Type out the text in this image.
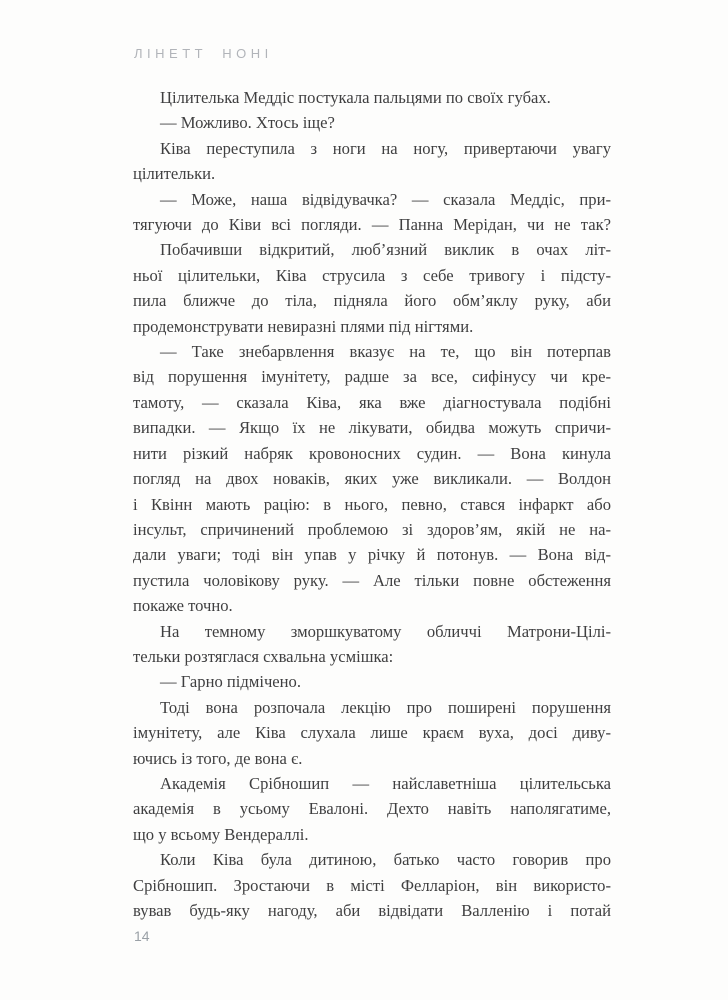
ЛІНЕТТ НОНІ
Цілителька Меддіс постукала пальцями по своїх губах.
— Можливо. Хтось іще?
Ківа переступила з ноги на ногу, привертаючи увагу
цілительки.
— Може, наша відвідувачка? — сказала Меддіс, при-
тягуючи до Ківи всі погляди. — Панна Мерідан, чи не так?
Побачивши відкритий, люб’язний виклик в очах літ-
ньої цілительки, Ківа струсила з себе тривогу і підсту-
пила ближче до тіла, підняла його обм’яклу руку, аби
продемонструвати невиразні плями під нігтями.
— Таке знебарвлення вказує на те, що він потерпав
від порушення імунітету, радше за все, сифінусу чи кре-
тамоту, — сказала Ківа, яка вже діагностувала подібні
випадки. — Якщо їх не лікувати, обидва можуть спричи-
нити різкий набряк кровоносних судин. — Вона кинула
погляд на двох новаків, яких уже викликали. — Волдон
і Квінн мають рацію: в нього, певно, стався інфаркт або
інсульт, спричинений проблемою зі здоров’ям, якій не на-
дали уваги; тоді він упав у річку й потонув. — Вона від-
пустила чоловікову руку. — Але тільки повне обстеження
покаже точно.
На темному зморшкуватому обличчі Матрони-Цілі-
тельки розтяглася схвальна усмішка:
— Гарно підмічено.
Тоді вона розпочала лекцію про поширені порушення
імунітету, але Ківа слухала лише краєм вуха, досі диву-
ючись із того, де вона є.
Академія Срібношип — найславетніша цілительська
академія в усьому Евалоні. Дехто навіть наполягатиме,
що у всьому Вендераллі.
Коли Ківа була дитиною, батько часто говорив про
Срібношип. Зростаючи в місті Фелларіон, він використо-
вував будь-яку нагоду, аби відвідати Валленію і потай
14
